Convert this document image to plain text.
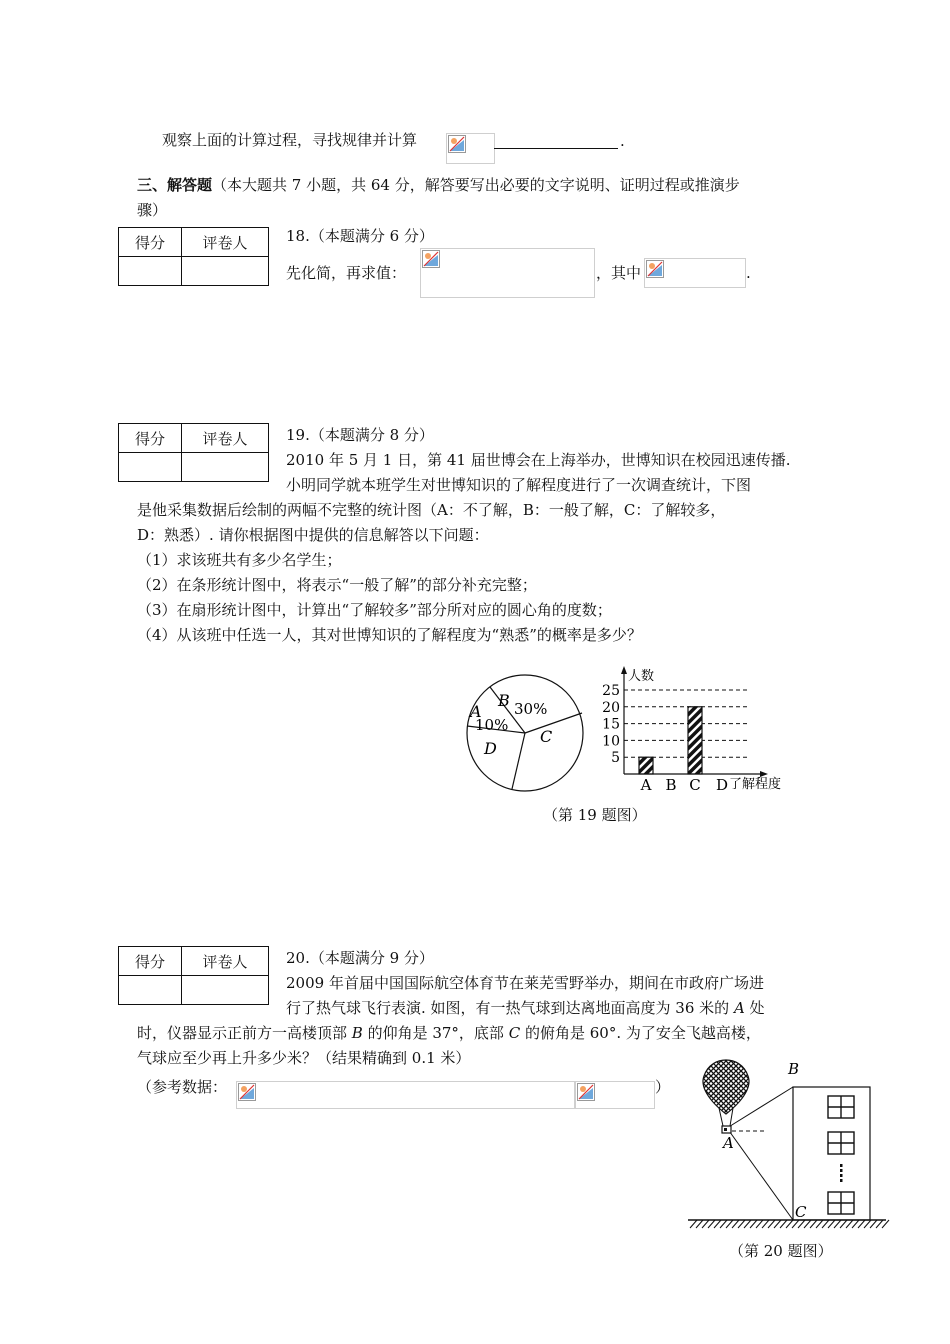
观察上面的计算过程，寻找规律并计算	.
三、解答题（本大题共 7 小题，共 64 分，解答要写出必要的文字说明、证明过程或推演步
骤）
得分	评卷人
		18.（本题满分 6 分）
先化简，再求值：	，其中	.
得分	评卷人
		19.（本题满分 8 分）
2010 年 5 月 1 日，第 41 届世博会在上海举办，世博知识在校园迅速传播.
小明同学就本班学生对世博知识的了解程度进行了一次调查统计，下图
是他采集数据后绘制的两幅不完整的统计图（A：不了解，B：一般了解，C：了解较多，
D：熟悉）. 请你根据图中提供的信息解答以下问题：
（1）求该班共有多少名学生；
（2）在条形统计图中，将表示“一般了解”的部分补充完整；
（3）在扇形统计图中，计算出“了解较多”部分所对应的圆心角的度数；
（4）从该班中任选一人，其对世博知识的了解程度为“熟悉”的概率是多少？
B 30%
A
10%
C
D
5
10
15
20
25
A B C D
人数
了解程度
（第 19 题图）
得分	评卷人
		20.（本题满分 9 分）
2009 年首届中国国际航空体育节在莱芜雪野举办，期间在市政府广场进
行了热气球飞行表演. 如图，有一热气球到达离地面高度为 36 米的 A 处
时，仪器显示正前方一高楼顶部 B 的仰角是 37°，底部 C 的俯角是 60°. 为了安全飞越高楼，
气球应至少再上升多少米？（结果精确到 0.1 米）
（参考数据：	）
A
B
C
（第 20 题图）
